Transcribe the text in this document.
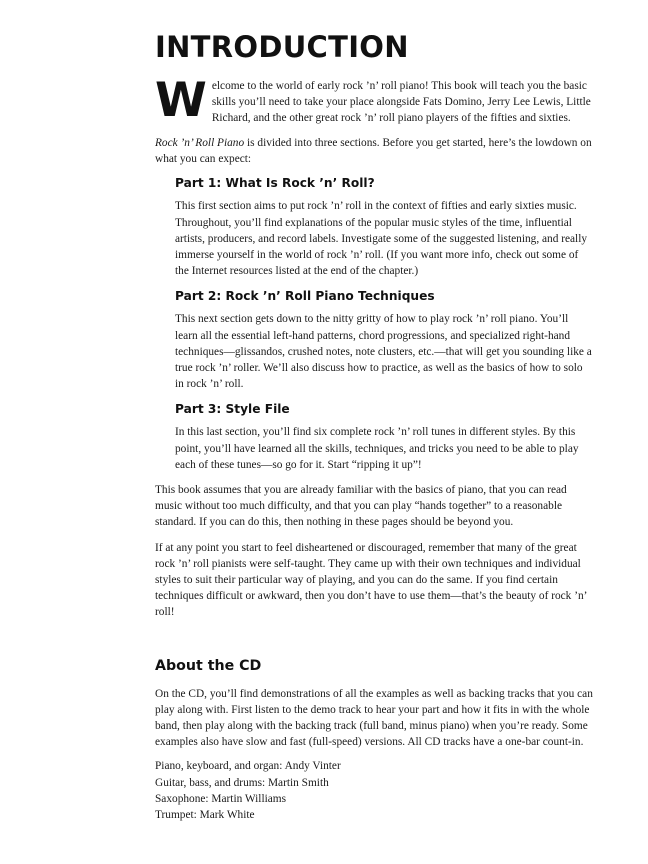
INTRODUCTION

Welcome to the world of early rock ’n’ roll piano! This book will teach you the basic skills you’ll need to take your place alongside Fats Domino, Jerry Lee Lewis, Little Richard, and the other great rock ’n’ roll piano players of the fifties and sixties.

Rock ’n’ Roll Piano is divided into three sections. Before you get started, here’s the lowdown on what you can expect:

Part 1: What Is Rock ’n’ Roll?

This first section aims to put rock ’n’ roll in the context of fifties and early sixties music. Throughout, you’ll find explanations of the popular music styles of the time, influential artists, producers, and record labels. Investigate some of the suggested listening, and really immerse yourself in the world of rock ’n’ roll. (If you want more info, check out some of the Internet resources listed at the end of the chapter.)

Part 2: Rock ’n’ Roll Piano Techniques

This next section gets down to the nitty gritty of how to play rock ’n’ roll piano. You’ll learn all the essential left-hand patterns, chord progressions, and specialized right-hand techniques—glissandos, crushed notes, note clusters, etc.—that will get you sounding like a true rock ’n’ roller. We’ll also discuss how to practice, as well as the basics of how to solo in rock ’n’ roll.

Part 3: Style File

In this last section, you’ll find six complete rock ’n’ roll tunes in different styles. By this point, you’ll have learned all the skills, techniques, and tricks you need to be able to play each of these tunes—so go for it. Start “ripping it up”!

This book assumes that you are already familiar with the basics of piano, that you can read music without too much difficulty, and that you can play “hands together” to a reasonable standard. If you can do this, then nothing in these pages should be beyond you.

If at any point you start to feel disheartened or discouraged, remember that many of the great rock ’n’ roll pianists were self-taught. They came up with their own techniques and individual styles to suit their particular way of playing, and you can do the same. If you find certain techniques difficult or awkward, then you don’t have to use them—that’s the beauty of rock ’n’ roll!

About the CD

On the CD, you’ll find demonstrations of all the examples as well as backing tracks that you can play along with. First listen to the demo track to hear your part and how it fits in with the whole band, then play along with the backing track (full band, minus piano) when you’re ready. Some examples also have slow and fast (full-speed) versions. All CD tracks have a one-bar count-in.

Piano, keyboard, and organ: Andy Vinter
Guitar, bass, and drums: Martin Smith
Saxophone: Martin Williams
Trumpet: Mark White
